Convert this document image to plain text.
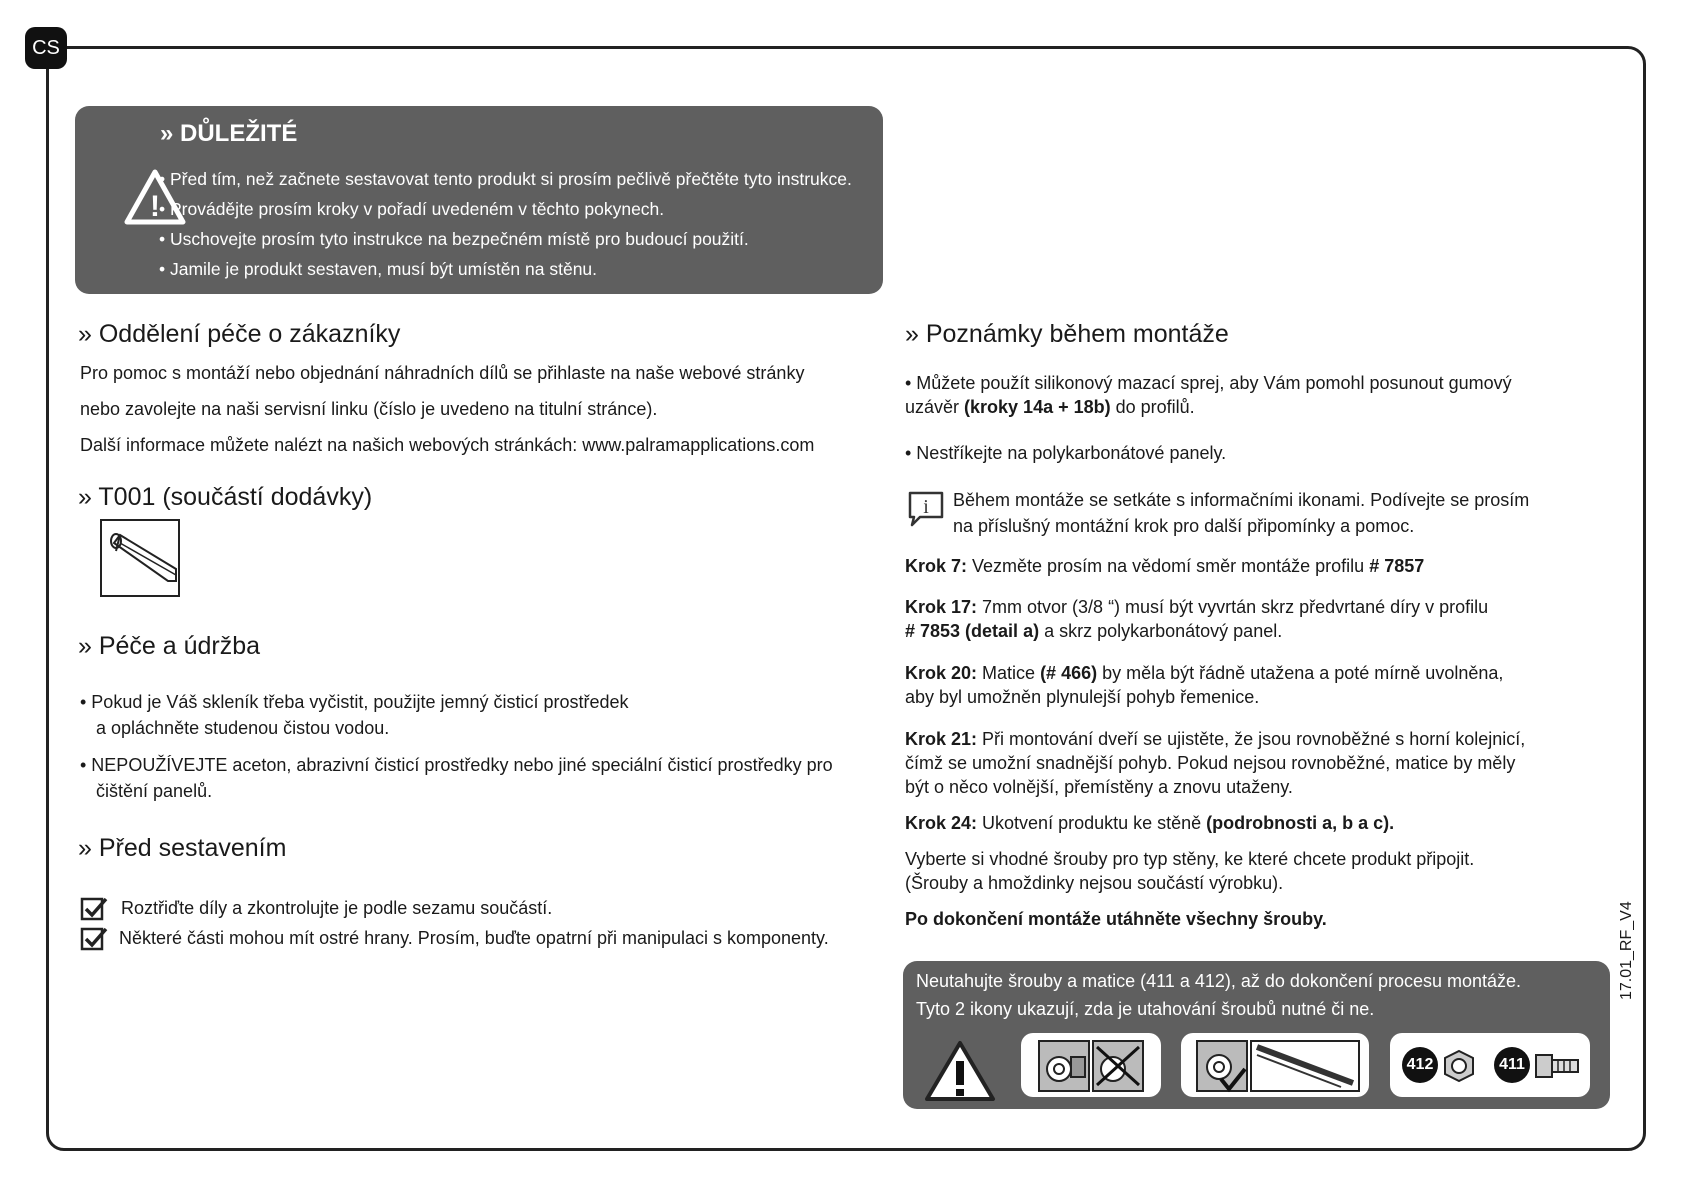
CS
» DŮLEŽITÉ
!
• Před tím, než začnete sestavovat tento produkt si prosím pečlivě přečtěte tyto instrukce.
• Provádějte prosím kroky v pořadí uvedeném v těchto pokynech.
• Uschovejte prosím tyto instrukce na bezpečném místě pro budoucí použití.
• Jamile je produkt sestaven, musí být umístěn na stěnu.
» Oddělení péče o zákazníky

Pro pomoc s montáží nebo objednání náhradních dílů se přihlaste na naše webové stránky

nebo zavolejte na naši servisní linku (číslo je uvedeno na titulní stránce).

Další informace můžete nalézt na našich webových stránkách: www.palramapplications.com

» T001 (součástí dodávky)
» Péče a údržba

• Pokud je Váš skleník třeba vyčistit, použijte jemný čisticí prostředek

a opláchněte studenou čistou vodou.

• NEPOUŽÍVEJTE aceton, abrazivní čisticí prostředky nebo jiné speciální čisticí prostředky pro

čištění panelů.

» Před sestavením
Roztřiďte díly a zkontrolujte je podle sezamu součástí.
Některé části mohou mít ostré hrany. Prosím, buďte opatrní při manipulaci s komponenty.
» Poznámky během montáže

• Můžete použít silikonový mazací sprej, aby Vám pomohl posunout gumový

uzávěr (kroky 14a + 18b) do profilů.

• Nestříkejte na polykarbonátové panely.

i Během montáže se setkáte s informačními ikonami. Podívejte se prosím

na příslušný montážní krok pro další připomínky a pomoc.

Krok 7: Vezměte prosím na vědomí směr montáže profilu # 7857

Krok 17: 7mm otvor (3/8 “) musí být vyvrtán skrz předvrtané díry v profilu

# 7853 (detail a) a skrz polykarbonátový panel.

Krok 20: Matice (# 466) by měla být řádně utažena a poté mírně uvolněna,

aby byl umožněn plynulejší pohyb řemenice.

Krok 21: Při montování dveří se ujistěte, že jsou rovnoběžné s horní kolejnicí,

čímž se umožní snadnější pohyb. Pokud nejsou rovnoběžné, matice by měly

být o něco volnější, přemístěny a znovu utaženy.

Krok 24: Ukotvení produktu ke stěně (podrobnosti a, b a c).

Vyberte si vhodné šrouby pro typ stěny, ke které chcete produkt připojit.

(Šrouby a hmoždinky nejsou součástí výrobku).

Po dokončení montáže utáhněte všechny šrouby.

Neutahujte šrouby a matice (411 a 412), až do dokončení procesu montáže.
Tyto 2 ikony ukazují, zda je utahování šroubů nutné či ne.
412	411
17.01_RF_V4
